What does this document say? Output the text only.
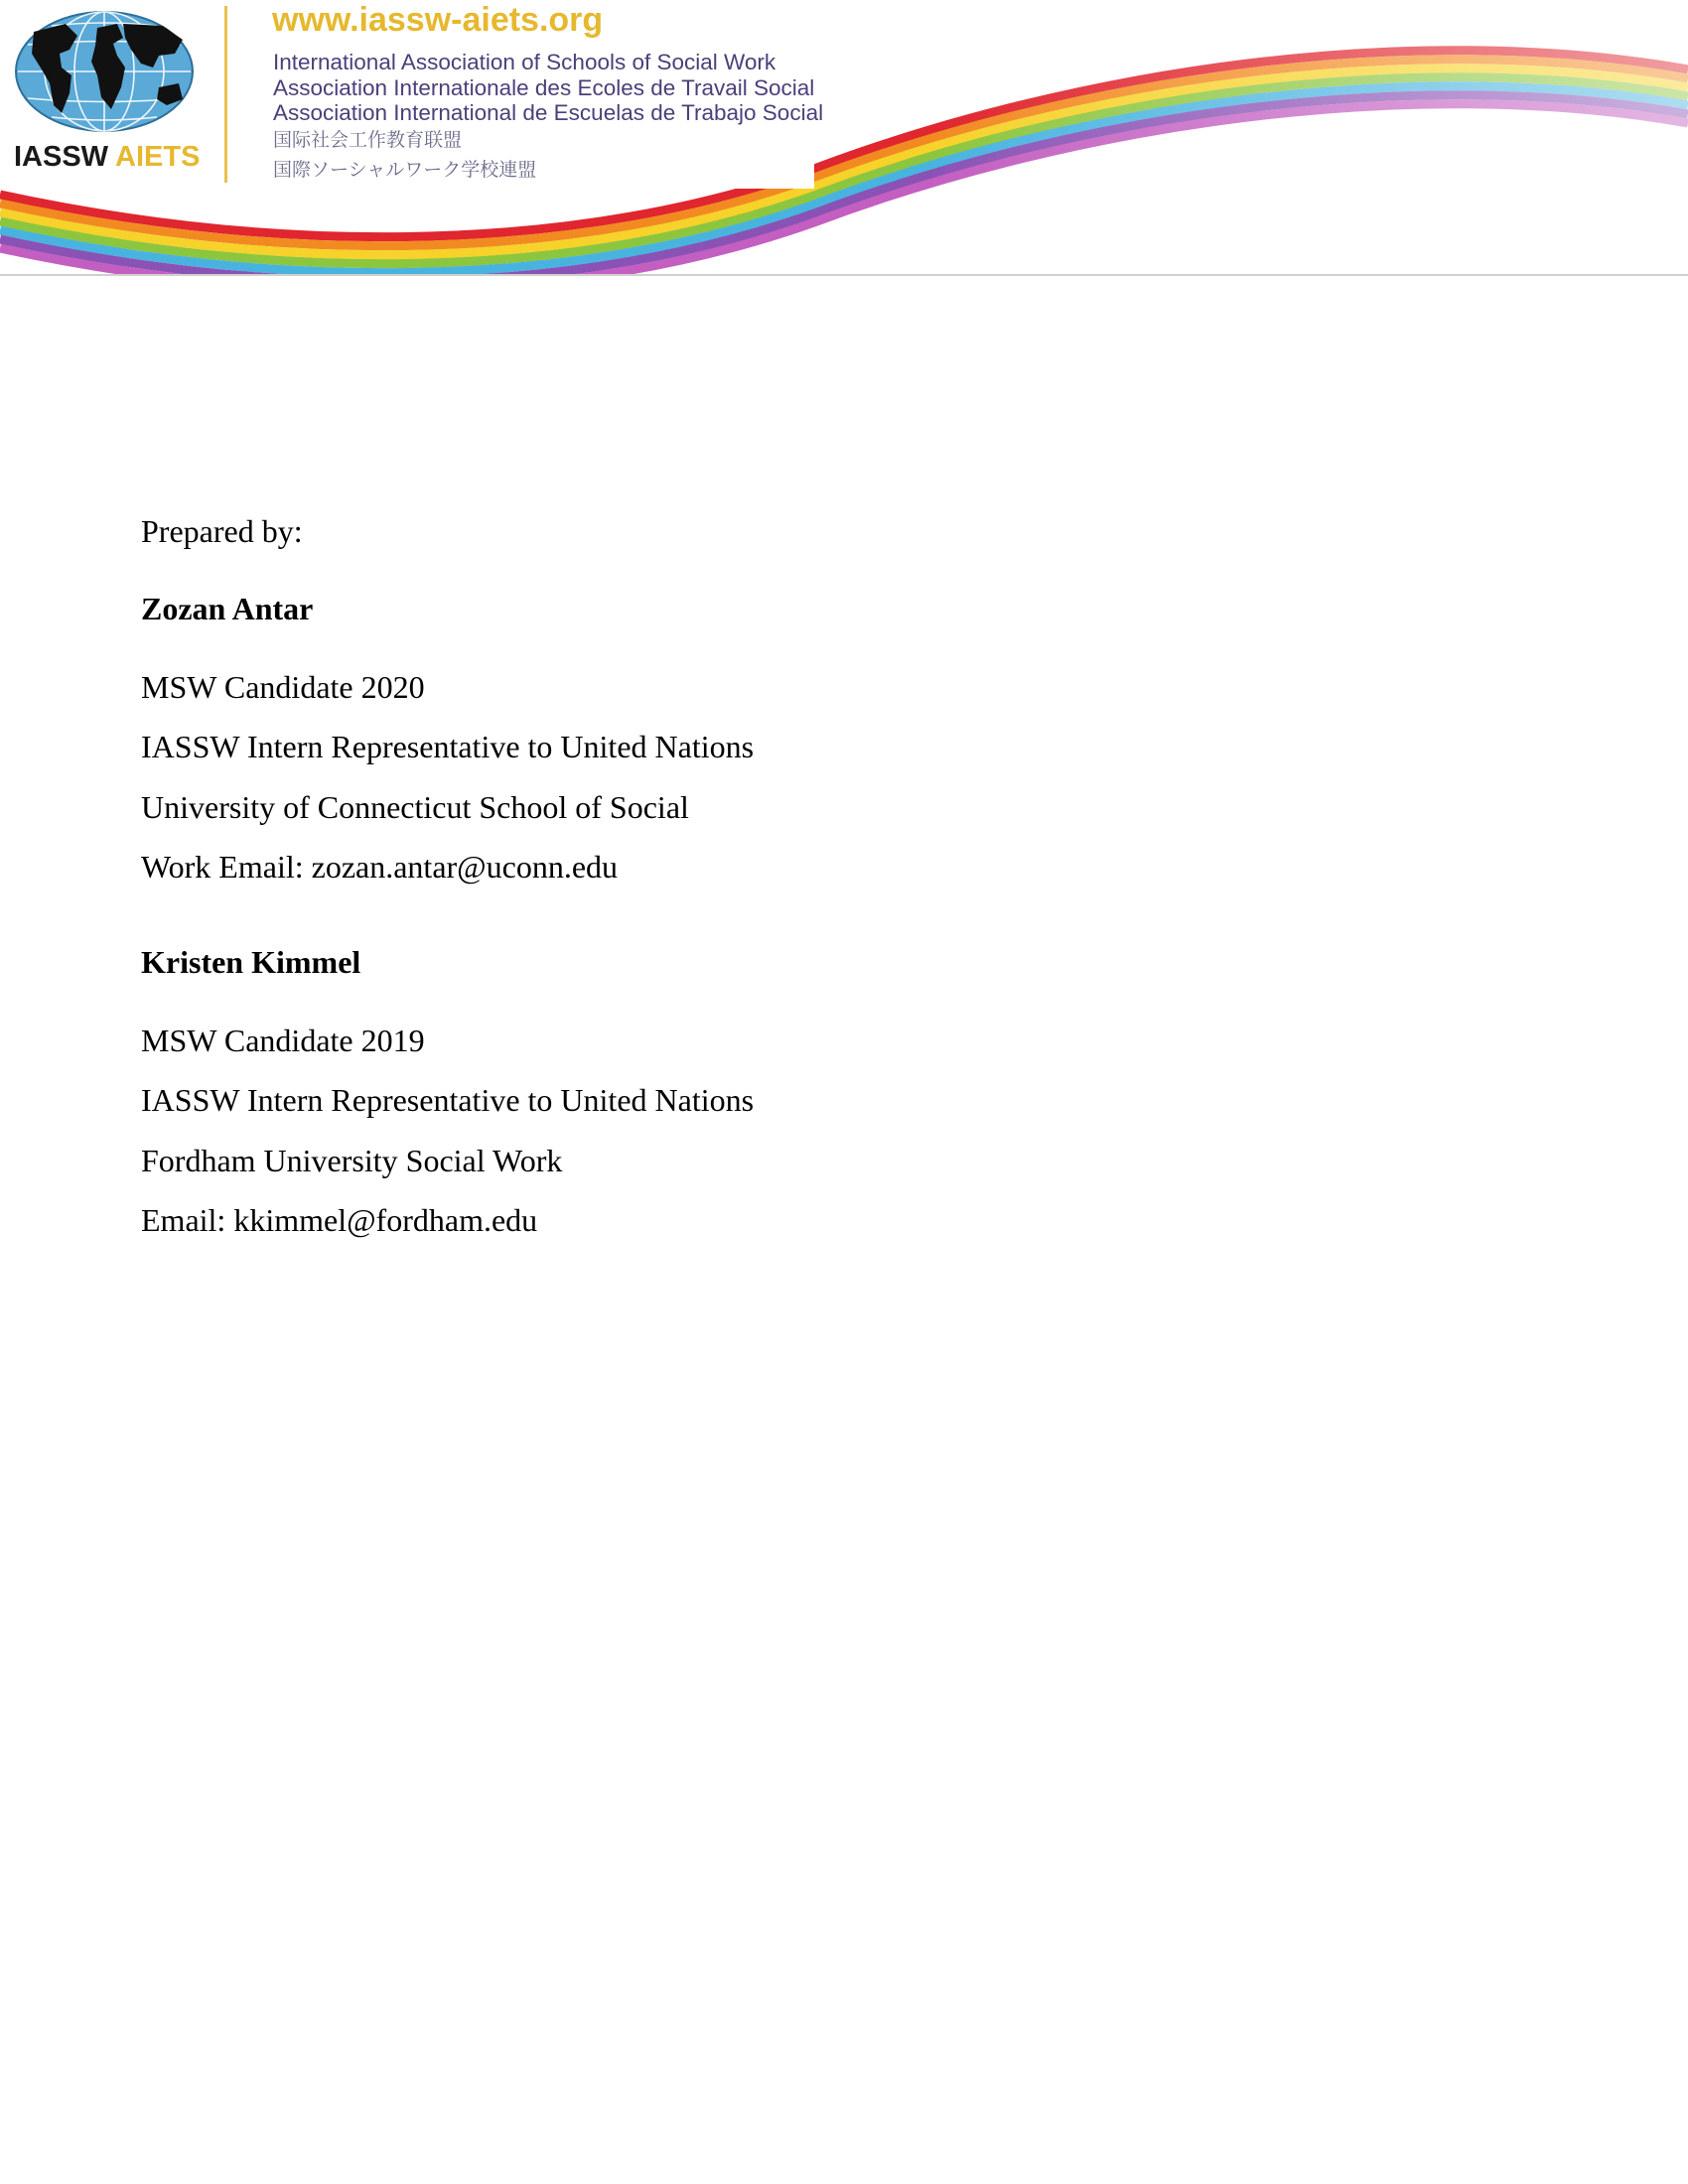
IASSW AIETS
www.iassw-aiets.org
International Association of Schools of Social Work
Association Internationale des Ecoles de Travail Social
Association International de Escuelas de Trabajo Social
国际社会工作教育联盟
国際ソーシャルワーク学校連盟
Prepared by:
Zozan Antar
MSW Candidate 2020
IASSW Intern Representative to United Nations
University of Connecticut School of Social
Work Email: zozan.antar@uconn.edu
Kristen Kimmel
MSW Candidate 2019
IASSW Intern Representative to United Nations
Fordham University Social Work
Email: kkimmel@fordham.edu
